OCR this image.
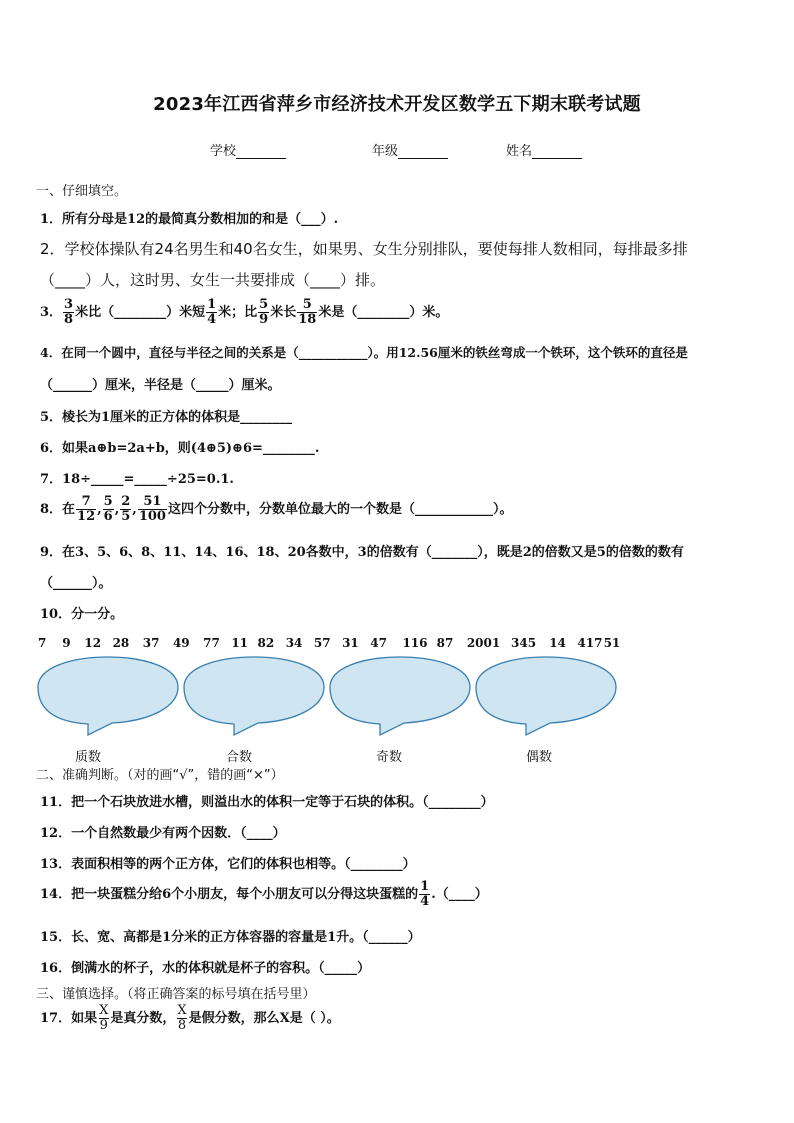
2023年江西省萍乡市经济技术开发区数学五下期末联考试题
学校	年级	姓名
一、仔细填空。
1．所有分母是12的最简真分数相加的和是（___）.
2．学校体操队有24名男生和40名女生，如果男、女生分别排队，要使每排人数相同，每排最多排
（____）人，这时男、女生一共要排成（____）排。
3． $\frac{3}{8}$ 米比（________）米短 $\frac{1}{4}$ 米；比 $\frac{5}{9}$ 米长 $\frac{5}{18}$ 米是（________）米。
4．在同一个圆中，直径与半径之间的关系是（___________）。用12.56厘米的铁丝弯成一个铁环，这个铁环的直径是
（______）厘米，半径是（_____）厘米。
5．棱长为1厘米的正方体的体积是________
6．如果a⊕b=2a+b，则(4⊕5)⊕6=________.
7．18÷_____=_____÷25=0.1.
8．在 $\frac{7}{12}$ , $\frac{5}{6}$ , $\frac{2}{5}$ , $\frac{51}{100}$ 这四个分数中，分数单位最大的一个数是（____________）。
9．在3、5、6、8、11、14、16、18、20各数中，3的倍数有（_______），既是2的倍数又是5的倍数的数有
（______）。
10．分一分。
7 9 12 28 37 49 77 11 82 34 57 31 47 116 87 2001 345 14 417 51
质数	合数	奇数	偶数
二、准确判断。（对的画“√”，错的画“×”）
11．把一个石块放进水槽，则溢出水的体积一定等于石块的体积。（________）
12．一个自然数最少有两个因数．（____）
13．表面积相等的两个正方体，它们的体积也相等。（________）
14．把一块蛋糕分给6个小朋友，每个小朋友可以分得这块蛋糕的 $\frac{1}{4}$ .（____）
15．长、宽、高都是1分米的正方体容器的容量是1升。（______）
16．倒满水的杯子，水的体积就是杯子的容积。（_____）
三、谨慎选择。（将正确答案的标号填在括号里）
17．如果 $\frac{X}{9}$ 是真分数， $\frac{X}{8}$ 是假分数，那么X是（ ）。
